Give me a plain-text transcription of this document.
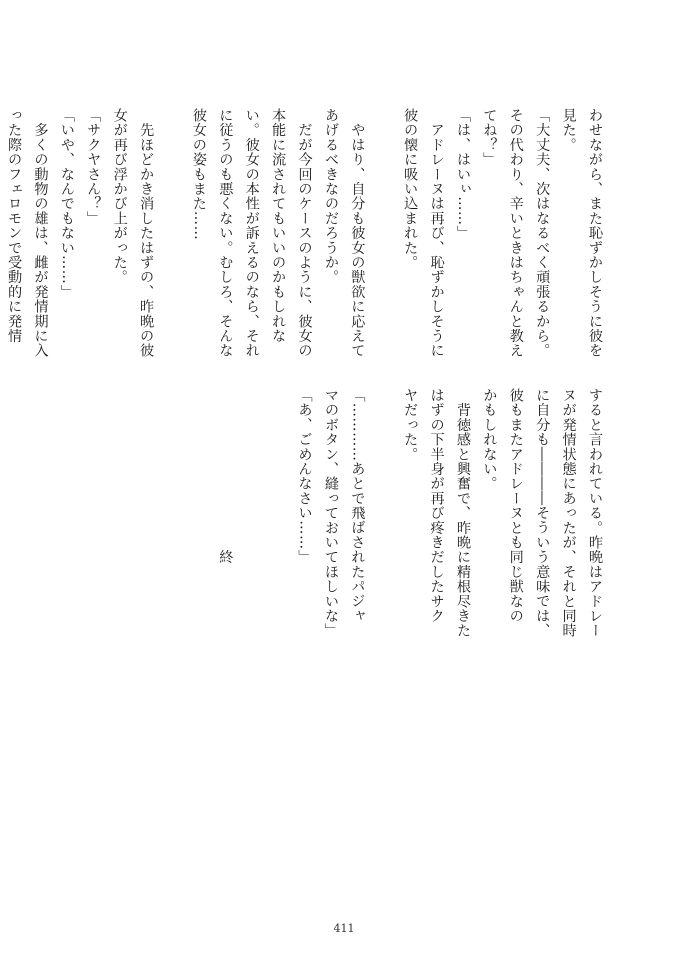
わせながら、また恥ずかしそうに彼を
見た。
「大丈夫、次はなるべく頑張るから。
その代わり、辛いときはちゃんと教え
てね？」
「は、はいぃ……」
　アドレーヌは再び、恥ずかしそうに
彼の懐に吸い込まれた。

　やはり、自分も彼女の獣欲に応えて
あげるべきなのだろうか。
　だが今回のケースのように、彼女の
本能に流されてもいいのかもしれな
い。彼女の本性が訴えるのなら、それ
に従うのも悪くない。むしろ、そんな
彼女の姿もまた……

　先ほどかき消したはずの、昨晩の彼
女が再び浮かび上がった。
「サクヤさん？」
「いや、なんでもない……」
　多くの動物の雄は、雌が発情期に入
った際のフェロモンで受動的に発情
すると言われている。昨晩はアドレー
ヌが発情状態にあったが、それと同時
に自分も――――そういう意味では、
彼もまたアドレーヌとも同じ獣なの
かもしれない。
　背徳感と興奮で、昨晩に精根尽きた
はずの下半身が再び疼きだしたサク
ヤだった。

「…………あとで飛ばされたパジャ
マのボタン、縫っておいてほしいな」
「あ、ごめんなさい……」

　　　　　　　　　　　終
411
